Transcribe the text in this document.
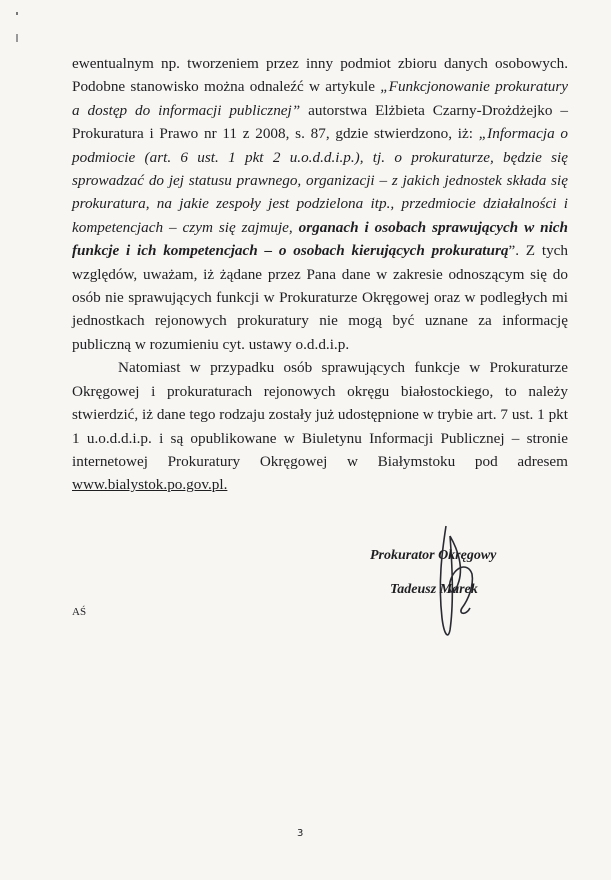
ewentualnym np. tworzeniem przez inny podmiot zbioru danych osobowych. Podobne stanowisko można odnaleźć w artykule „Funkcjonowanie prokuratury a dostęp do informacji publicznej” autorstwa Elżbieta Czarny-Drożdżejko – Prokuratura i Prawo nr 11 z 2008, s. 87, gdzie stwierdzono, iż: „Informacja o podmiocie (art. 6 ust. 1 pkt 2 u.o.d.d.i.p.), tj. o prokuraturze, będzie się sprowadzać do jej statusu prawnego, organizacji – z jakich jednostek składa się prokuratura, na jakie zespoły jest podzielona itp., przedmiocie działalności i kompetencjach – czym się zajmuje, organach i osobach sprawujących w nich funkcje i ich kompetencjach – o osobach kierujących prokuraturą”. Z tych względów, uważam, iż żądane przez Pana dane w zakresie odnoszącym się do osób nie sprawujących funkcji w Prokuraturze Okręgowej oraz w podległych mi jednostkach rejonowych prokuratury nie mogą być uznane za informację publiczną w rozumieniu cyt. ustawy o.d.d.i.p.

Natomiast w przypadku osób sprawujących funkcje w Prokuraturze Okręgowej i prokuraturach rejonowych okręgu białostockiego, to należy stwierdzić, iż dane tego rodzaju zostały już udostępnione w trybie art. 7 ust. 1 pkt 1 u.o.d.d.i.p. i są opublikowane w Biuletynu Informacji Publicznej – stronie internetowej Prokuratury Okręgowej w Białymstoku pod adresem www.bialystok.po.gov.pl.

Prokurator Okręgowy
Tadeusz Marek
AŚ
3
